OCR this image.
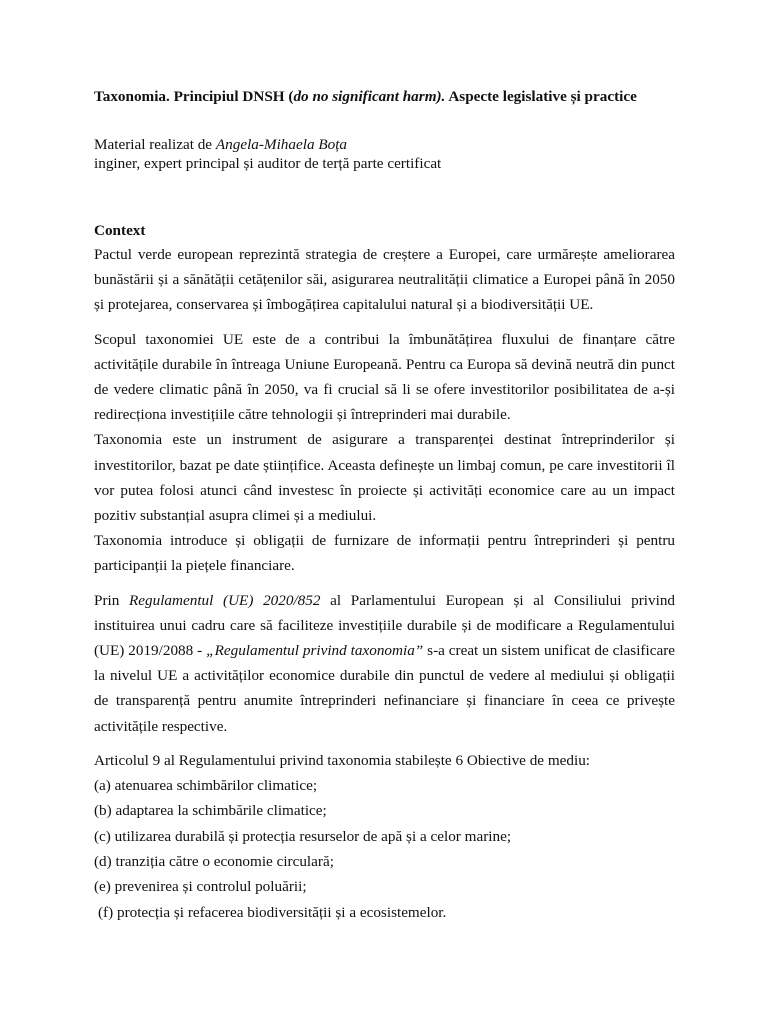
Taxonomia. Principiul DNSH (do no significant harm). Aspecte legislative și practice
Material realizat de Angela-Mihaela Boța
inginer, expert principal și auditor de terță parte certificat
Context

Pactul verde european reprezintă strategia de creștere a Europei, care urmărește ameliorarea bunăstării și a sănătății cetățenilor săi, asigurarea neutralității climatice a Europei până în 2050 și protejarea, conservarea și îmbogățirea capitalului natural și a biodiversității UE.

Scopul taxonomiei UE este de a contribui la îmbunătățirea fluxului de finanțare către activitățile durabile în întreaga Uniune Europeană. Pentru ca Europa să devină neutră din punct de vedere climatic până în 2050, va fi crucial să li se ofere investitorilor posibilitatea de a-și redirecționa investițiile către tehnologii și întreprinderi mai durabile.

Taxonomia este un instrument de asigurare a transparenței destinat întreprinderilor și investitorilor, bazat pe date științifice. Aceasta definește un limbaj comun, pe care investitorii îl vor putea folosi atunci când investesc în proiecte și activități economice care au un impact pozitiv substanțial asupra climei și a mediului.

Taxonomia introduce și obligații de furnizare de informații pentru întreprinderi și pentru participanții la piețele financiare.

Prin Regulamentul (UE) 2020/852 al Parlamentului European și al Consiliului privind instituirea unui cadru care să faciliteze investițiile durabile și de modificare a Regulamentului (UE) 2019/2088 - „Regulamentul privind taxonomia” s-a creat un sistem unificat de clasificare la nivelul UE a activităților economice durabile din punctul de vedere al mediului și obligații de transparență pentru anumite întreprinderi nefinanciare și financiare în ceea ce privește activitățile respective.

Articolul 9 al Regulamentului privind taxonomia stabilește 6 Obiective de mediu:

(a) atenuarea schimbărilor climatice;
(b) adaptarea la schimbările climatice;
(c) utilizarea durabilă și protecția resurselor de apă și a celor marine;
(d) tranziția către o economie circulară;
(e) prevenirea și controlul poluării;
(f) protecția și refacerea biodiversității și a ecosistemelor.
